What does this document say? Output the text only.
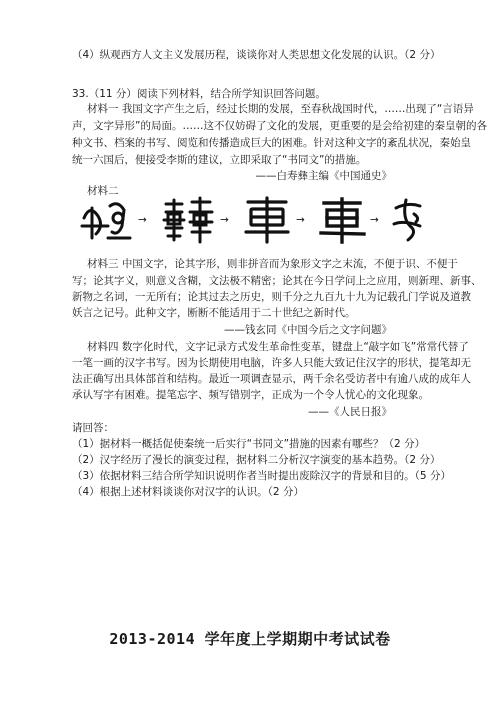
（4）纵观西方人文主义发展历程，谈谈你对人类思想文化发展的认识。（2 分）
33.（11 分）阅读下列材料，结合所学知识回答问题。
材料一 我国文字产生之后，经过长期的发展，至春秋战国时代，……出现了“言语异
声，文字异形”的局面。……这不仅妨碍了文化的发展，更重要的是会给初建的秦皇朝的各
种文书、档案的书写、阅览和传播造成巨大的困难。针对这种文字的紊乱状况，秦始皇
统一六国后，便接受李斯的建议，立即采取了“书同文”的措施。
——白寿彝主编《中国通史》
材料二
→	→	→	→
材料三 中国文字，论其字形，则非拼音而为象形文字之末流，不便于识、不便于
写；论其字义，则意义含糊，文法极不精密；论其在今日学问上之应用，则新理、新事、
新物之名词，一无所有；论其过去之历史，则千分之九百九十九为记载孔门学说及道教
妖言之记号。此种文字，断断不能适用于二十世纪之新时代。
——钱玄同《中国今后之文字问题》
材料四 数字化时代，文字记录方式发生革命性变革，键盘上“敲字如飞”常常代替了
一笔一画的汉字书写。因为长期使用电脑，许多人只能大致记住汉字的形状，提笔却无
法正确写出具体部首和结构。最近一项调查显示，两千余名受访者中有逾八成的成年人
承认写字有困难。提笔忘字、频写错别字，正成为一个令人忧心的文化现象。
——《人民日报》
请回答：
（1）据材料一概括促使秦统一后实行“书同文”措施的因素有哪些？（2 分）
（2）汉字经历了漫长的演变过程，据材料二分析汉字演变的基本趋势。（2 分）
（3）依据材料三结合所学知识说明作者当时提出废除汉字的背景和目的。（5 分）
（4）根据上述材料谈谈你对汉字的认识。（2 分）
2013-2014 学年度上学期期中考试试卷
